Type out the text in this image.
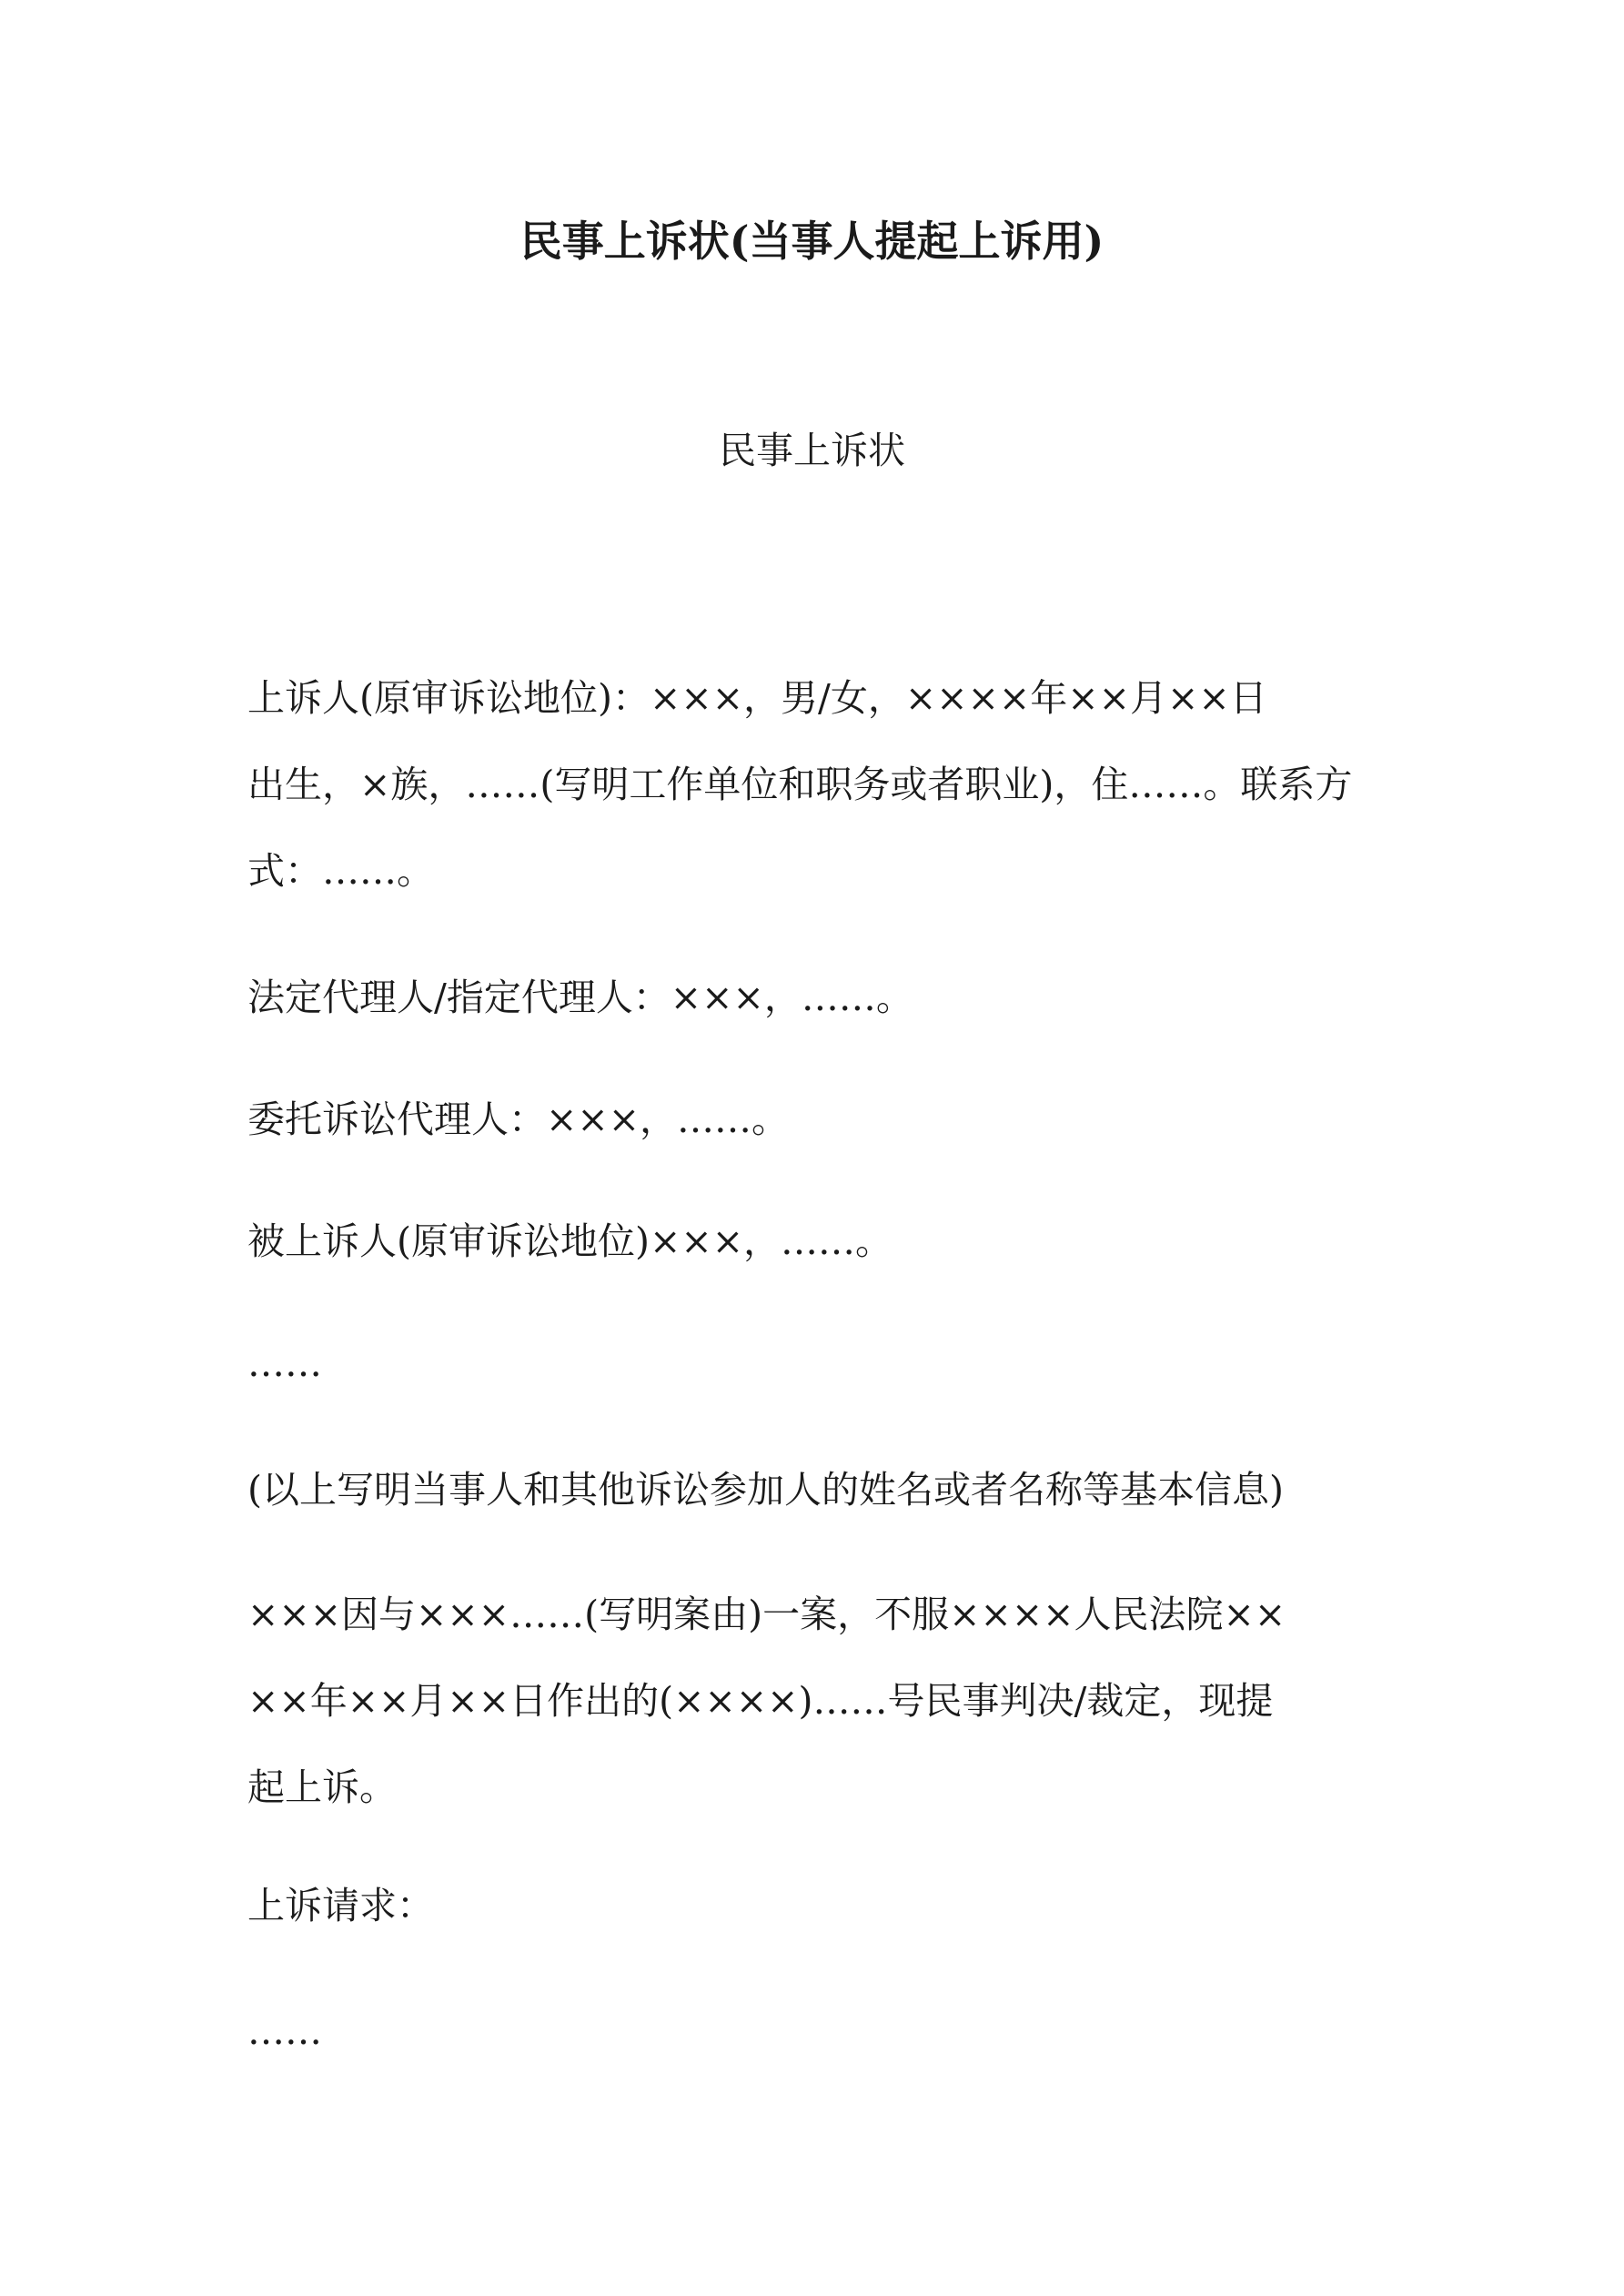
民事上诉状(当事人提起上诉用)
民事上诉状
上诉人(原审诉讼地位)：×××，男/女，××××年××月××日
出生，×族，……(写明工作单位和职务或者职业)，住……。联系方
式：……。
法定代理人/指定代理人：×××，……。
委托诉讼代理人：×××，……。
被上诉人(原审诉讼地位)×××，……。
……
(以上写明当事人和其他诉讼参加人的姓名或者名称等基本信息)
×××因与×××……(写明案由)一案，不服××××人民法院××
××年××月××日作出的(××××)……号民事判决/裁定，现提
起上诉。
上诉请求：
……
